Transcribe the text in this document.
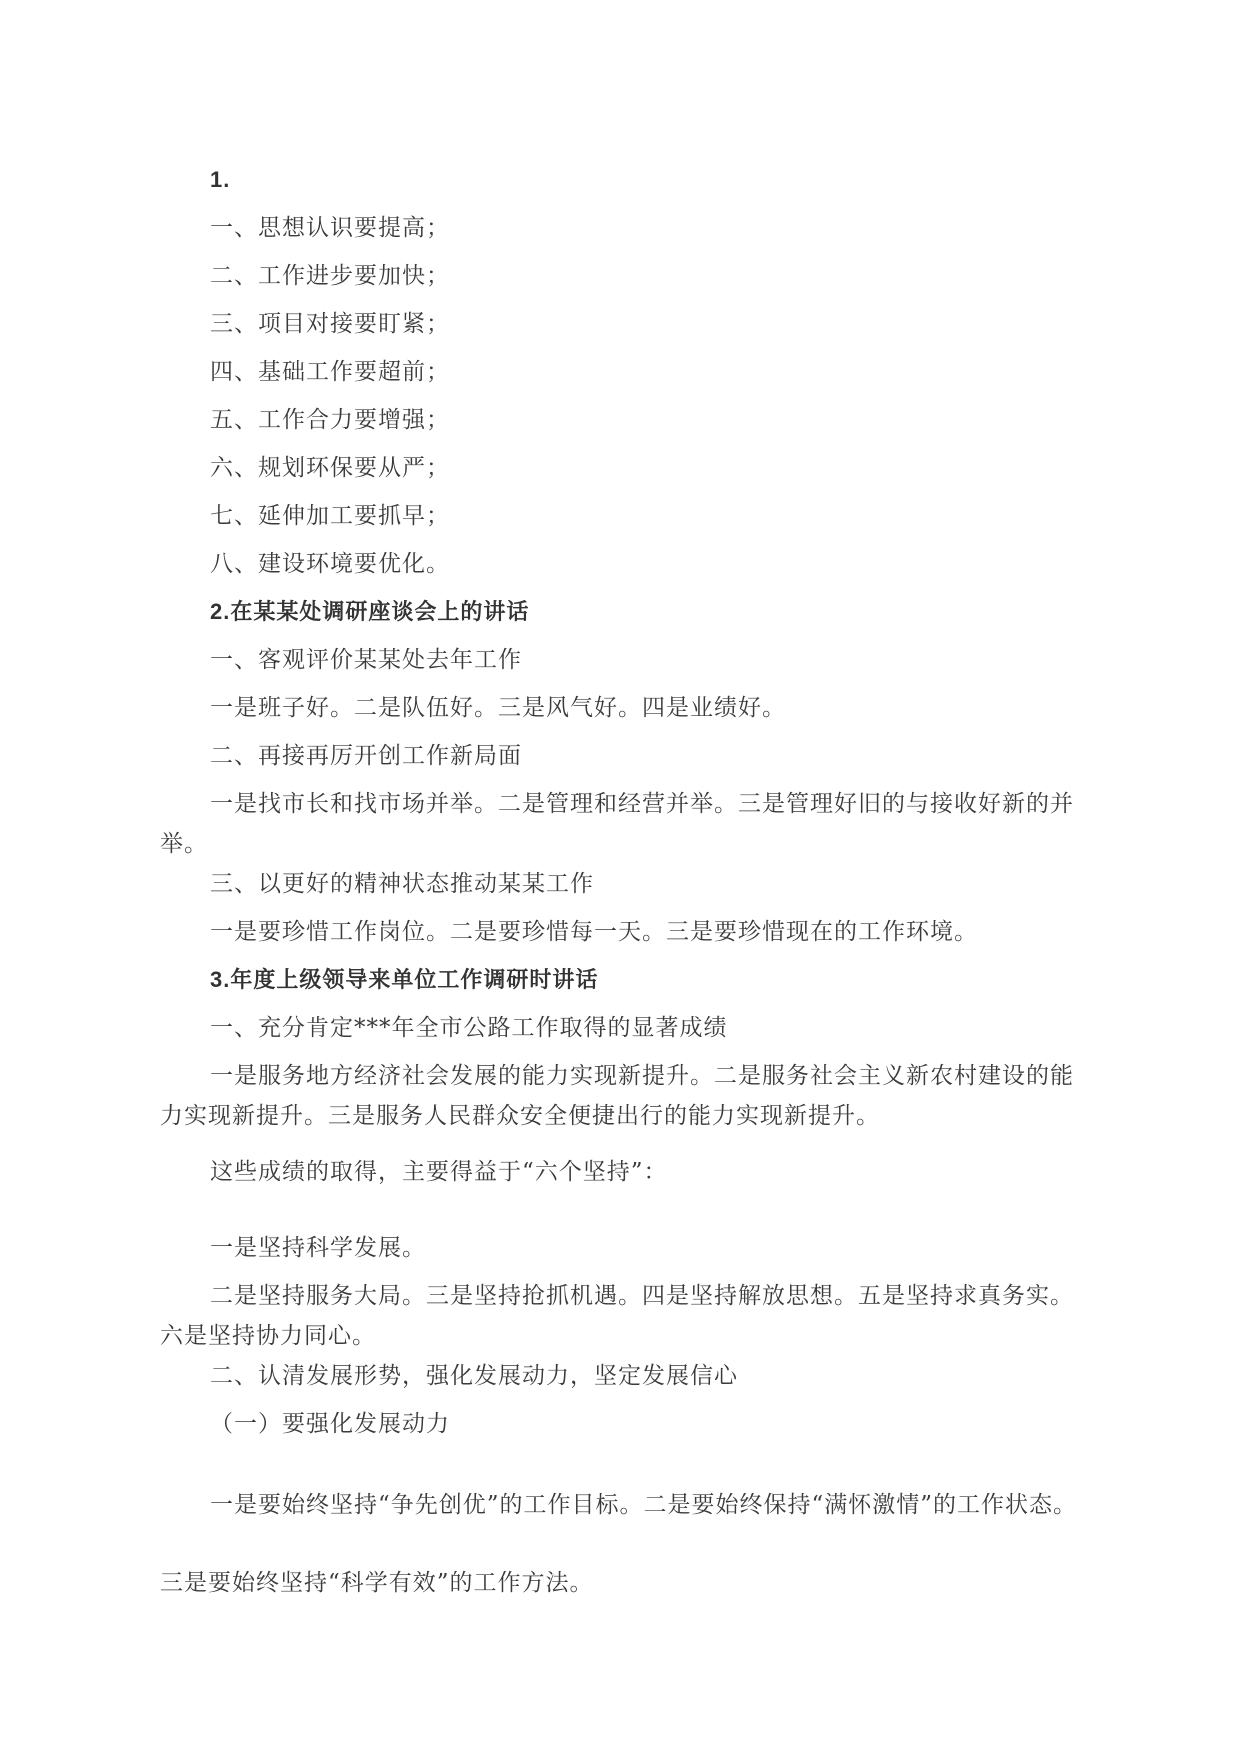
1.
一、思想认识要提高；
二、工作进步要加快；
三、项目对接要盯紧；
四、基础工作要超前；
五、工作合力要增强；
六、规划环保要从严；
七、延伸加工要抓早；
八、建设环境要优化。
2.在某某处调研座谈会上的讲话
一、客观评价某某处去年工作
一是班子好。二是队伍好。三是风气好。四是业绩好。
二、再接再厉开创工作新局面
一是找市长和找市场并举。二是管理和经营并举。三是管理好旧的与接收好新的并举。
三、以更好的精神状态推动某某工作
一是要珍惜工作岗位。二是要珍惜每一天。三是要珍惜现在的工作环境。
3.年度上级领导来单位工作调研时讲话
一、充分肯定***年全市公路工作取得的显著成绩
一是服务地方经济社会发展的能力实现新提升。二是服务社会主义新农村建设的能力实现新提升。三是服务人民群众安全便捷出行的能力实现新提升。
这些成绩的取得，主要得益于“六个坚持”：
一是坚持科学发展。
二是坚持服务大局。三是坚持抢抓机遇。四是坚持解放思想。五是坚持求真务实。六是坚持协力同心。
二、认清发展形势，强化发展动力，坚定发展信心
（一）要强化发展动力
一是要始终坚持“争先创优”的工作目标。二是要始终保持“满怀激情”的工作状态。三是要始终坚持“科学有效”的工作方法。
